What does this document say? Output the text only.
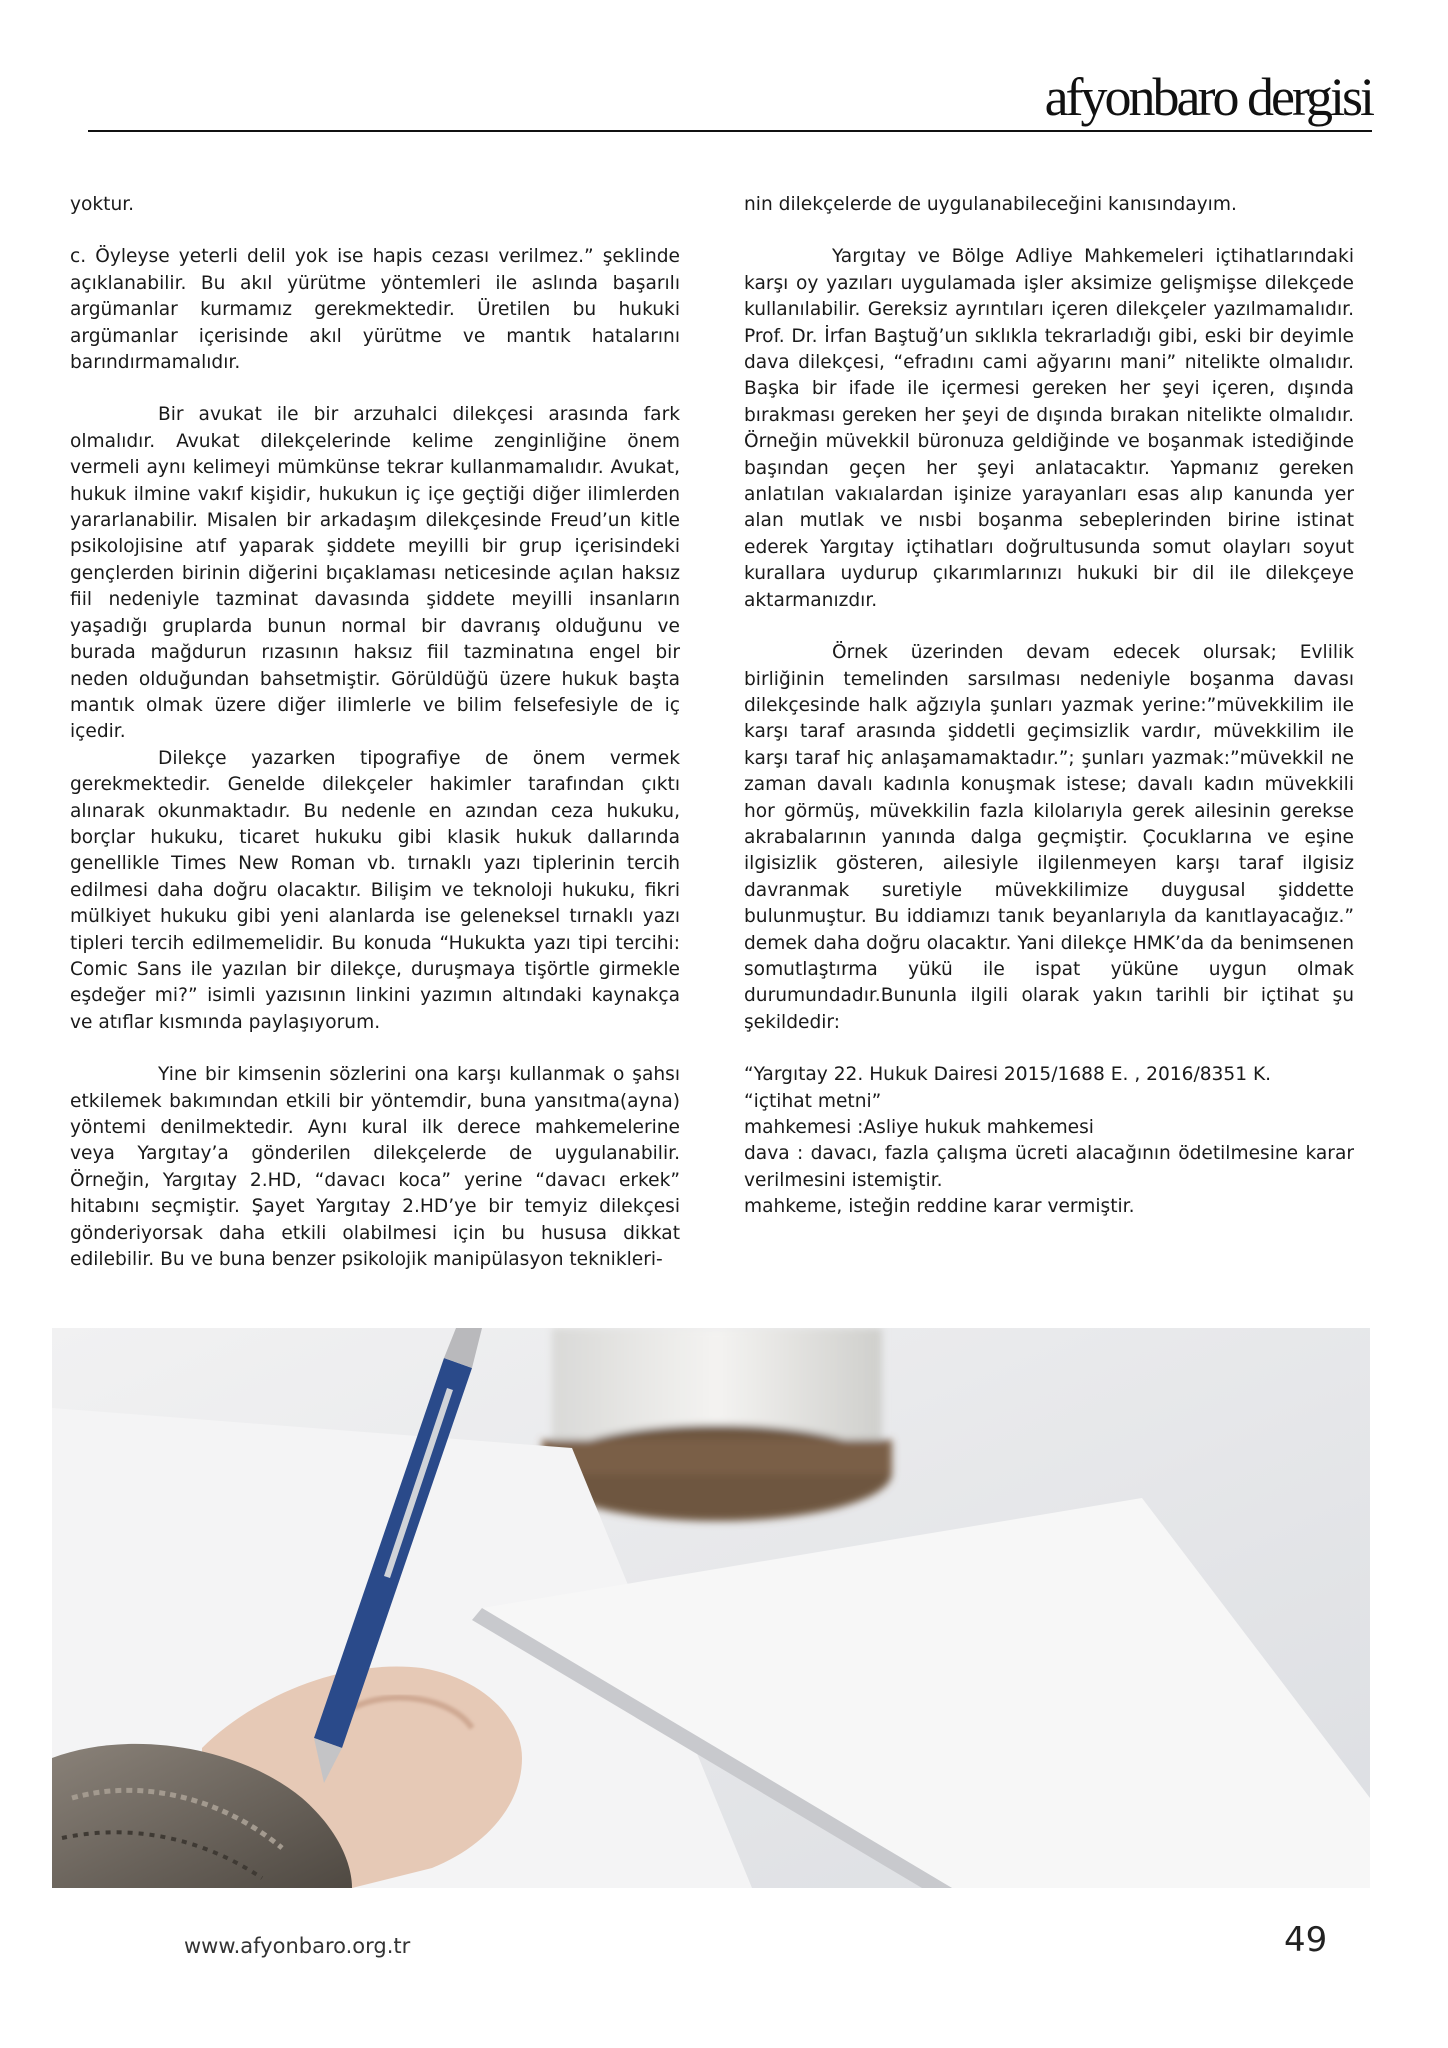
afyonbaro dergisi

yoktur.

c. Öyleyse yeterli delil yok ise hapis cezası verilmez.” şeklinde açıklanabilir. Bu akıl yürütme yöntemleri ile aslında başarılı argümanlar kurmamız gerekmektedir. Üretilen bu hukuki argümanlar içerisinde akıl yürütme ve mantık hatalarını barındırmamalıdır.

Bir avukat ile bir arzuhalci dilekçesi arasında fark olmalıdır. Avukat dilekçelerinde kelime zenginliğine önem vermeli aynı kelimeyi mümkünse tekrar kullanmamalıdır. Avukat, hukuk ilmine vakıf kişidir, hukukun iç içe geçtiği diğer ilimlerden yararlanabilir. Misalen bir arkadaşım dilekçesinde Freud’un kitle psikolojisine atıf yaparak şiddete meyilli bir grup içerisindeki gençlerden birinin diğerini bıçaklaması neticesinde açılan haksız fiil nedeniyle tazminat davasında şiddete meyilli insanların yaşadığı gruplarda bunun normal bir davranış olduğunu ve burada mağdurun rızasının haksız fiil tazminatına engel bir neden olduğundan bahsetmiştir. Görüldüğü üzere hukuk başta mantık olmak üzere diğer ilimlerle ve bilim felsefesiyle de iç içedir.

Dilekçe yazarken tipografiye de önem vermek gerekmektedir. Genelde dilekçeler hakimler tarafından çıktı alınarak okunmaktadır. Bu nedenle en azından ceza hukuku, borçlar hukuku, ticaret hukuku gibi klasik hukuk dallarında genellikle Times New Roman vb. tırnaklı yazı tiplerinin tercih edilmesi daha doğru olacaktır. Bilişim ve teknoloji hukuku, fikri mülkiyet hukuku gibi yeni alanlarda ise geleneksel tırnaklı yazı tipleri tercih edilmemelidir. Bu konuda “Hukukta yazı tipi tercihi: Comic Sans ile yazılan bir dilekçe, duruşmaya tişörtle girmekle eşdeğer mi?” isimli yazısının linkini yazımın altındaki kaynakça ve atıflar kısmında paylaşıyorum.

Yine bir kimsenin sözlerini ona karşı kullanmak o şahsı etkilemek bakımından etkili bir yöntemdir, buna yansıtma(ayna) yöntemi denilmektedir. Aynı kural ilk derece mahkemelerine veya Yargıtay’a gönderilen dilekçelerde de uygulanabilir. Örneğin, Yargıtay 2.HD, “davacı koca” yerine “davacı erkek” hitabını seçmiştir. Şayet Yargıtay 2.HD’ye bir temyiz dilekçesi gönderiyorsak daha etkili olabilmesi için bu hususa dikkat edilebilir. Bu ve buna benzer psikolojik manipülasyon teknikleri-

nin dilekçelerde de uygulanabileceğini kanısındayım.

Yargıtay ve Bölge Adliye Mahkemeleri içtihatlarındaki karşı oy yazıları uygulamada işler aksimize gelişmişse dilekçede kullanılabilir. Gereksiz ayrıntıları içeren dilekçeler yazılmamalıdır. Prof. Dr. İrfan Baştuğ’un sıklıkla tekrarladığı gibi, eski bir deyimle dava dilekçesi, “efradını cami ağyarını mani” nitelikte olmalıdır. Başka bir ifade ile içermesi gereken her şeyi içeren, dışında bırakması gereken her şeyi de dışında bırakan nitelikte olmalıdır. Örneğin müvekkil büronuza geldiğinde ve boşanmak istediğinde başından geçen her şeyi anlatacaktır. Yapmanız gereken anlatılan vakıalardan işinize yarayanları esas alıp kanunda yer alan mutlak ve nısbi boşanma sebeplerinden birine istinat ederek Yargıtay içtihatları doğrultusunda somut olayları soyut kurallara uydurup çıkarımlarınızı hukuki bir dil ile dilekçeye aktarmanızdır.

Örnek üzerinden devam edecek olursak; Evlilik birliğinin temelinden sarsılması nedeniyle boşanma davası dilekçesinde halk ağzıyla şunları yazmak yerine:”müvekkilim ile karşı taraf arasında şiddetli geçimsizlik vardır, müvekkilim ile karşı taraf hiç anlaşamamaktadır.”; şunları yazmak:”müvekkil ne zaman davalı kadınla konuşmak istese; davalı kadın müvekkili hor görmüş, müvekkilin fazla kilolarıyla gerek ailesinin gerekse akrabalarının yanında dalga geçmiştir. Çocuklarına ve eşine ilgisizlik gösteren, ailesiyle ilgilenmeyen karşı taraf ilgisiz davranmak suretiyle müvekkilimize duygusal şiddette bulunmuştur. Bu iddiamızı tanık beyanlarıyla da kanıtlayacağız.” demek daha doğru olacaktır. Yani dilekçe HMK’da da benimsenen somutlaştırma yükü ile ispat yüküne uygun olmak durumundadır.Bununla ilgili olarak yakın tarihli bir içtihat şu şekildedir:

“Yargıtay 22. Hukuk Dairesi 2015/1688 E. , 2016/8351 K.

“içtihat metni”

mahkemesi :Asliye hukuk mahkemesi

dava : davacı, fazla çalışma ücreti alacağının ödetilmesine karar verilmesini istemiştir.

mahkeme, isteğin reddine karar vermiştir.

www.afyonbaro.org.tr	49
